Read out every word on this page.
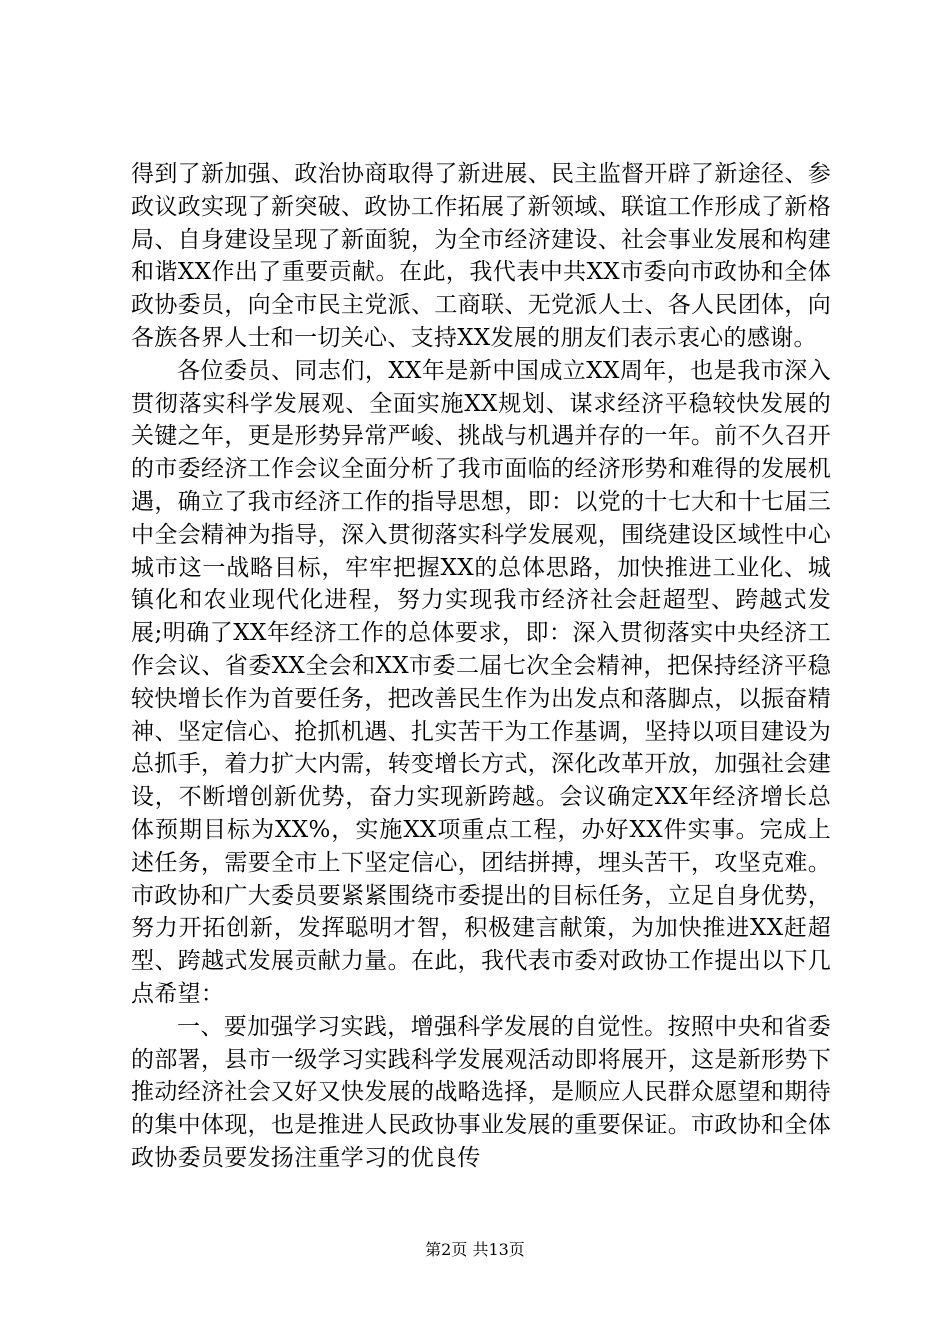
得到了新加强、政治协商取得了新进展、民主监督开辟了新途径、参政议政实现了新突破、政协工作拓展了新领域、联谊工作形成了新格局、自身建设呈现了新面貌，为全市经济建设、社会事业发展和构建和谐XX作出了重要贡献。在此，我代表中共XX市委向市政协和全体政协委员，向全市民主党派、工商联、无党派人士、各人民团体，向各族各界人士和一切关心、支持XX发展的朋友们表示衷心的感谢。

各位委员、同志们，XX年是新中国成立XX周年，也是我市深入贯彻落实科学发展观、全面实施XX规划、谋求经济平稳较快发展的关键之年，更是形势异常严峻、挑战与机遇并存的一年。前不久召开的市委经济工作会议全面分析了我市面临的经济形势和难得的发展机遇，确立了我市经济工作的指导思想，即：以党的十七大和十七届三中全会精神为指导，深入贯彻落实科学发展观，围绕建设区域性中心城市这一战略目标，牢牢把握XX的总体思路，加快推进工业化、城镇化和农业现代化进程，努力实现我市经济社会赶超型、跨越式发展;明确了XX年经济工作的总体要求，即：深入贯彻落实中央经济工作会议、省委XX全会和XX市委二届七次全会精神，把保持经济平稳较快增长作为首要任务，把改善民生作为出发点和落脚点，以振奋精神、坚定信心、抢抓机遇、扎实苦干为工作基调，坚持以项目建设为总抓手，着力扩大内需，转变增长方式，深化改革开放，加强社会建设，不断增创新优势，奋力实现新跨越。会议确定XX年经济增长总体预期目标为XX%，实施XX项重点工程，办好XX件实事。完成上述任务，需要全市上下坚定信心，团结拼搏，埋头苦干，攻坚克难。市政协和广大委员要紧紧围绕市委提出的目标任务，立足自身优势，努力开拓创新，发挥聪明才智，积极建言献策，为加快推进XX赶超型、跨越式发展贡献力量。在此，我代表市委对政协工作提出以下几点希望：

一、要加强学习实践，增强科学发展的自觉性。按照中央和省委的部署，县市一级学习实践科学发展观活动即将展开，这是新形势下推动经济社会又好又快发展的战略选择，是顺应人民群众愿望和期待的集中体现，也是推进人民政协事业发展的重要保证。市政协和全体政协委员要发扬注重学习的优良传

第2页 共13页
